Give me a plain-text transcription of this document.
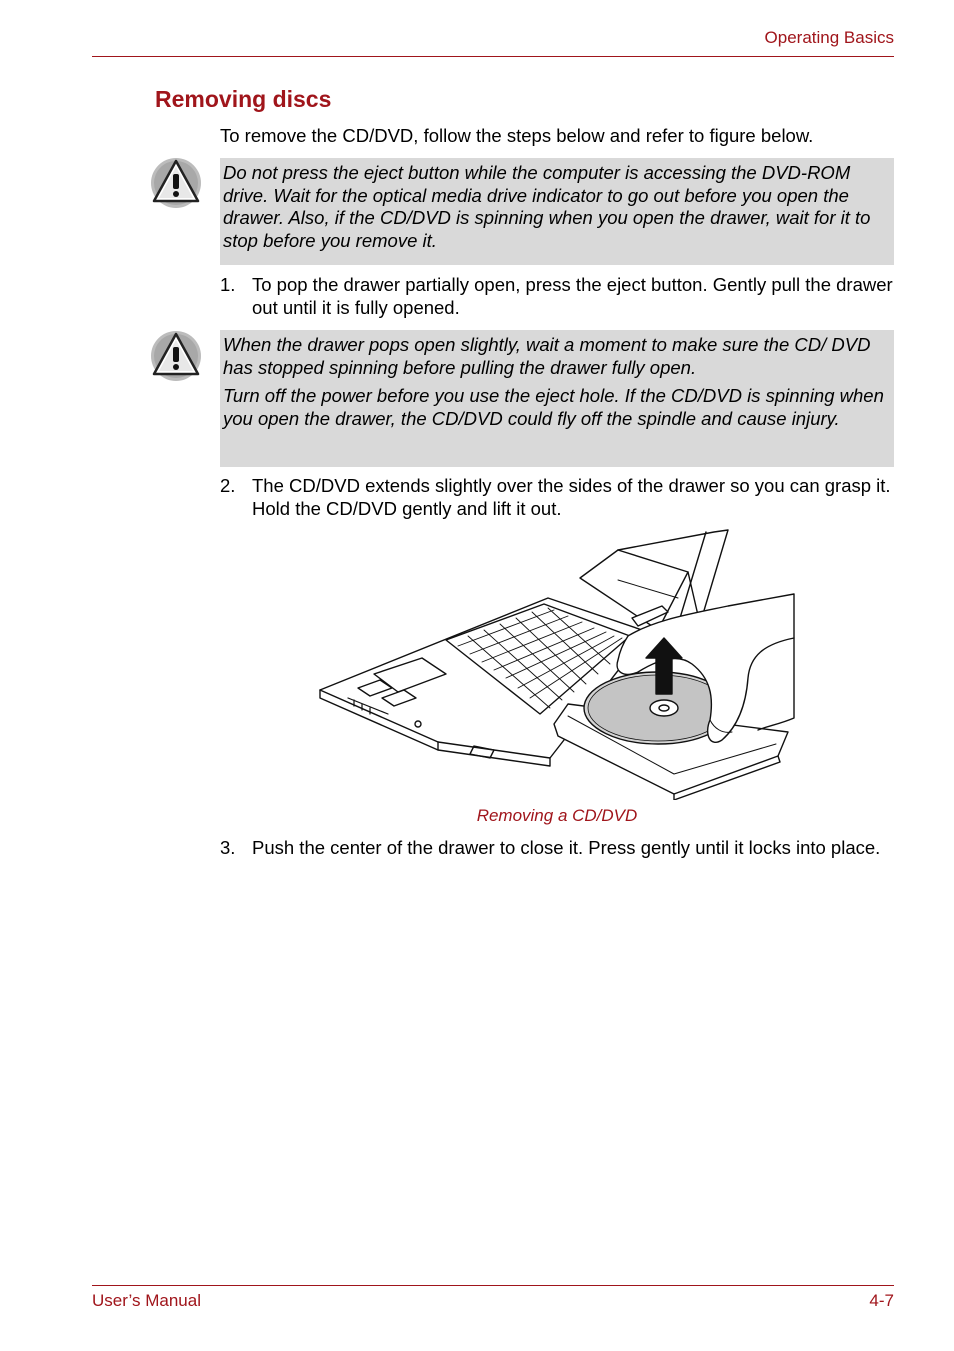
Operating Basics
Removing discs
To remove the CD/DVD, follow the steps below and refer to figure below.

Do not press the eject button while the computer is accessing the DVD-ROM drive. Wait for the optical media drive indicator to go out before you open the drawer. Also, if the CD/DVD is spinning when you open the drawer, wait for it to stop before you remove it.

1. To pop the drawer partially open, press the eject button. Gently pull the drawer out until it is fully opened.

When the drawer pops open slightly, wait a moment to make sure the CD/ DVD has stopped spinning before pulling the drawer fully open.

Turn off the power before you use the eject hole. If the CD/DVD is spinning when you open the drawer, the CD/DVD could fly off the spindle and cause injury.

2. The CD/DVD extends slightly over the sides of the drawer so you can grasp it. Hold the CD/DVD gently and lift it out.
Removing a CD/DVD
3. Push the center of the drawer to close it. Press gently until it locks into place.
User’s Manual	4-7
